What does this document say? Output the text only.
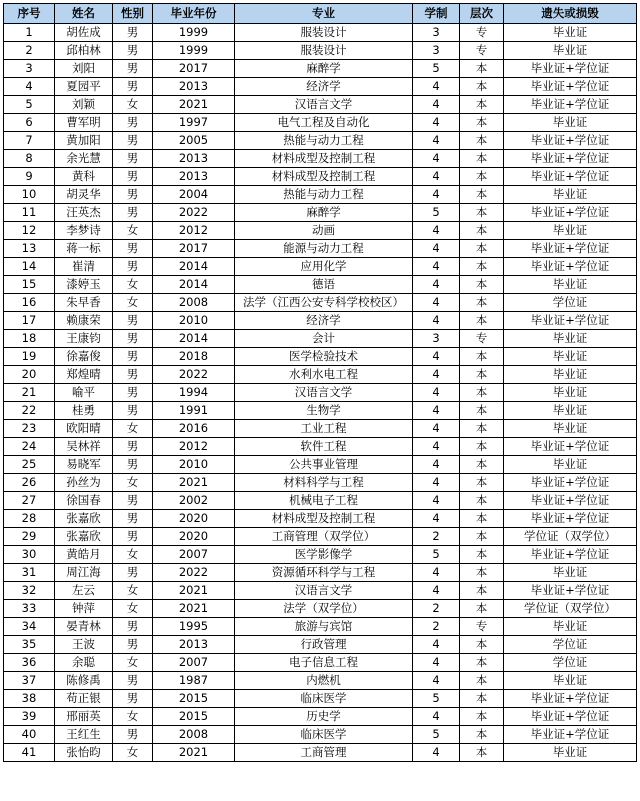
序号	姓名	性别	毕业年份	专业	学制	层次	遗失或损毁
1	胡佐成	男	1999	服装设计	3	专	毕业证
2	邱柏林	男	1999	服装设计	3	专	毕业证
3	刘阳	男	2017	麻醉学	5	本	毕业证+学位证
4	夏园平	男	2013	经济学	4	本	毕业证+学位证
5	刘颖	女	2021	汉语言文学	4	本	毕业证+学位证
6	曹军明	男	1997	电气工程及自动化	4	本	毕业证
7	黄加阳	男	2005	热能与动力工程	4	本	毕业证+学位证
8	余光慧	男	2013	材料成型及控制工程	4	本	毕业证+学位证
9	黄科	男	2013	材料成型及控制工程	4	本	毕业证+学位证
10	胡灵华	男	2004	热能与动力工程	4	本	毕业证
11	汪英杰	男	2022	麻醉学	5	本	毕业证+学位证
12	李梦诗	女	2012	动画	4	本	毕业证
13	蒋一标	男	2017	能源与动力工程	4	本	毕业证+学位证
14	崔清	男	2014	应用化学	4	本	毕业证+学位证
15	漆婷玉	女	2014	德语	4	本	毕业证
16	朱早香	女	2008	法学（江西公安专科学校校区）	4	本	学位证
17	赖康荣	男	2010	经济学	4	本	毕业证+学位证
18	王康钧	男	2014	会计	3	专	毕业证
19	徐嘉俊	男	2018	医学检验技术	4	本	毕业证
20	郑煌晴	男	2022	水利水电工程	4	本	毕业证
21	喻平	男	1994	汉语言文学	4	本	毕业证
22	桂勇	男	1991	生物学	4	本	毕业证
23	欧阳晴	女	2016	工业工程	4	本	毕业证
24	吴林祥	男	2012	软件工程	4	本	毕业证+学位证
25	易晓军	男	2010	公共事业管理	4	本	毕业证
26	孙丝为	女	2021	材料科学与工程	4	本	毕业证+学位证
27	徐国春	男	2002	机械电子工程	4	本	毕业证+学位证
28	张嘉欣	男	2020	材料成型及控制工程	4	本	毕业证+学位证
29	张嘉欣	男	2020	工商管理（双学位）	2	本	学位证（双学位）
30	黄皓月	女	2007	医学影像学	5	本	毕业证+学位证
31	周江海	男	2022	资源循环科学与工程	4	本	毕业证
32	左云	女	2021	汉语言文学	4	本	毕业证+学位证
33	钟萍	女	2021	法学（双学位）	2	本	学位证（双学位）
34	晏青林	男	1995	旅游与宾馆	2	专	毕业证
35	王波	男	2013	行政管理	4	本	学位证
36	余聪	女	2007	电子信息工程	4	本	学位证
37	陈修禹	男	1987	内燃机	4	本	毕业证
38	苟正银	男	2015	临床医学	5	本	毕业证+学位证
39	邢丽英	女	2015	历史学	4	本	毕业证+学位证
40	王红生	男	2008	临床医学	5	本	毕业证+学位证
41	张怡昀	女	2021	工商管理	4	本	毕业证
